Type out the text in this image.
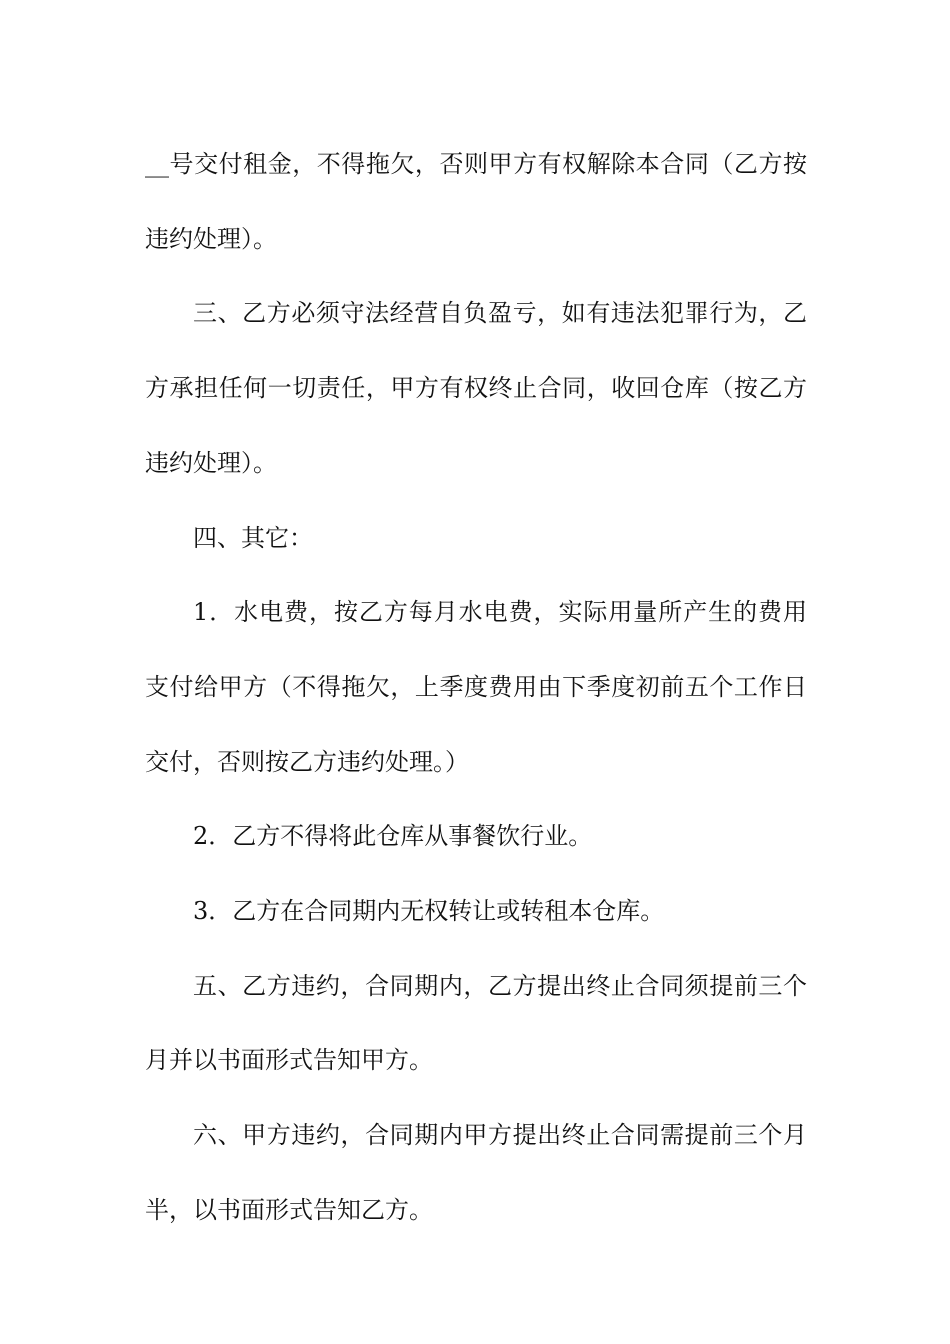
__号交付租金，不得拖欠，否则甲方有权解除本合同（乙方按违约处理）。

三、乙方必须守法经营自负盈亏，如有违法犯罪行为，乙方承担任何一切责任，甲方有权终止合同，收回仓库（按乙方违约处理）。

四、其它：

1．水电费，按乙方每月水电费，实际用量所产生的费用支付给甲方（不得拖欠，上季度费用由下季度初前五个工作日交付，否则按乙方违约处理。）

2．乙方不得将此仓库从事餐饮行业。

3．乙方在合同期内无权转让或转租本仓库。

五、乙方违约，合同期内，乙方提出终止合同须提前三个月并以书面形式告知甲方。

六、甲方违约，合同期内甲方提出终止合同需提前三个月半，以书面形式告知乙方。
